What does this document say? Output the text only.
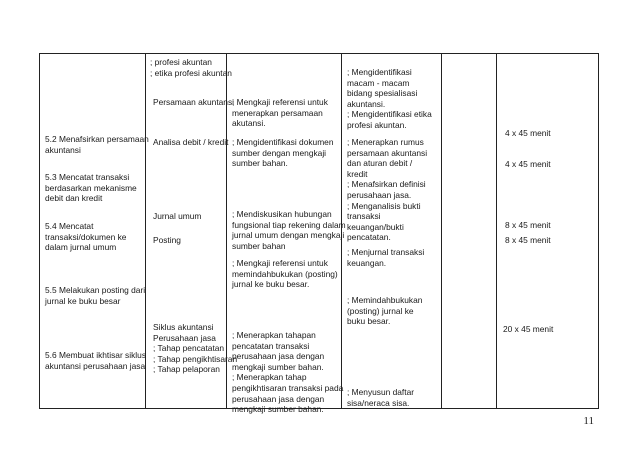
5.2 Menafsirkan persamaan
akuntansi
5.3 Mencatat transaksi
berdasarkan mekanisme
debit dan kredit
5.4 Mencatat
transaksi/dokumen ke
dalam jurnal umum
5.5 Melakukan posting dari
jurnal ke buku besar
5.6 Membuat ikhtisar siklus
akuntansi perusahaan jasa
; profesi akuntan
; etika profesi akuntan
Persamaan akuntansi
Analisa debit / kredit
Jurnal umum
Posting
Siklus akuntansi
Perusahaan jasa
; Tahap pencatatan
; Tahap pengikhtisaran
; Tahap pelaporan
; Mengkaji referensi untuk
menerapkan persamaan
akutansi.
; Mengidentifikasi dokumen
sumber dengan mengkaji
sumber bahan.
; Mendiskusikan hubungan
fungsional tiap rekening dalam
jurnal umum dengan mengkaji
sumber bahan
; Mengkaji referensi untuk
memindahbukukan (posting)
jurnal ke buku besar.
; Menerapkan tahapan
pencatatan transaksi
perusahaan jasa dengan
mengkaji sumber bahan.
; Menerapkan tahap
pengikhtisaran transaksi pada
perusahaan jasa dengan
mengkaji sumber bahan.
; Mengidentifikasi
macam - macam
bidang spesialisasi
akuntansi.
; Mengidentifikasi etika
profesi akuntan.
; Menerapkan rumus
persamaan akuntansi
dan aturan debit /
kredit
; Menafsirkan definisi
perusahaan jasa.
; Menganalisis bukti
transaksi
keuangan/bukti
pencatatan.
; Menjurnal transaksi
keuangan.
; Memindahbukukan
(posting) jurnal ke
buku besar.
; Menyusun daftar
sisa/neraca sisa.
4 x 45 menit
4 x 45 menit
8 x 45 menit
8 x 45 menit
20 x 45 menit
11
